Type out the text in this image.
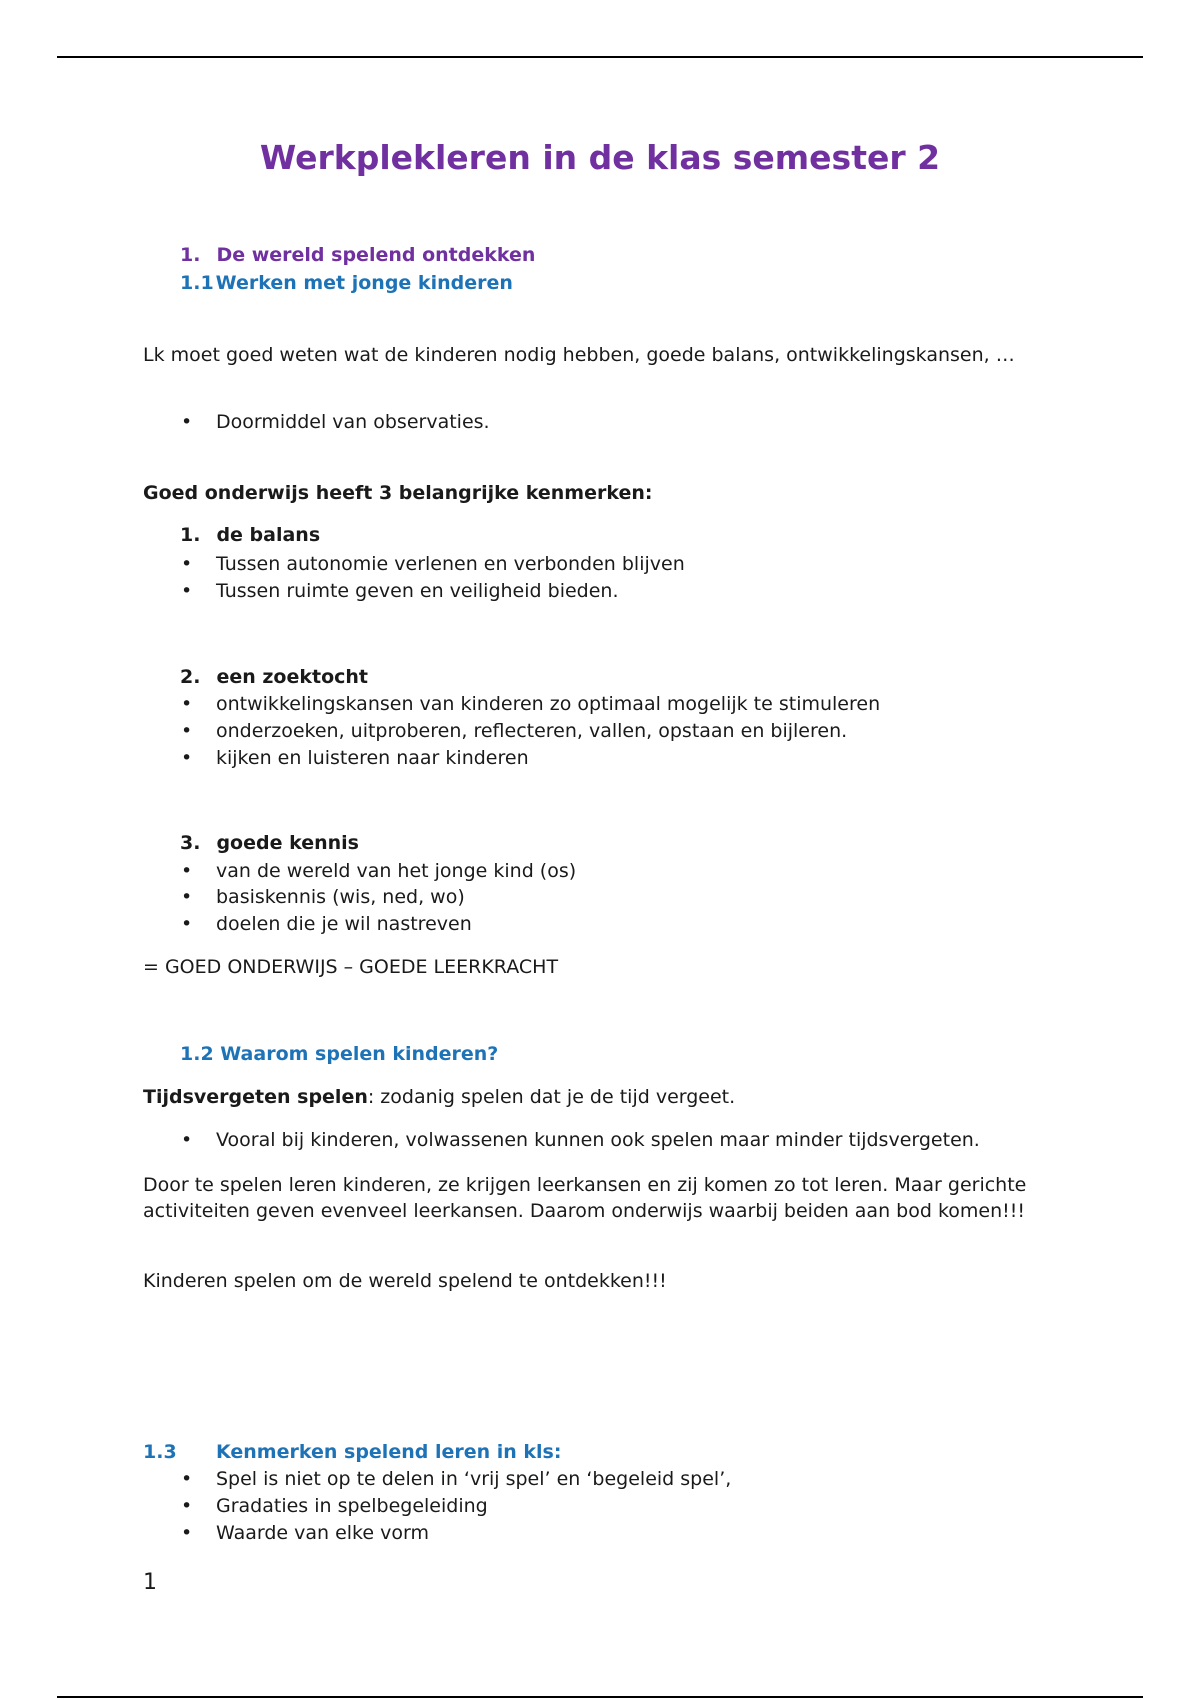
Werkplekleren in de klas semester 2
1. De wereld spelend ontdekken
1.1 Werken met jonge kinderen
Lk moet goed weten wat de kinderen nodig hebben, goede balans, ontwikkelingskansen, …
• Doormiddel van observaties.
Goed onderwijs heeft 3 belangrijke kenmerken:
1. de balans
• Tussen autonomie verlenen en verbonden blijven
• Tussen ruimte geven en veiligheid bieden.
2. een zoektocht
• ontwikkelingskansen van kinderen zo optimaal mogelijk te stimuleren
• onderzoeken, uitproberen, reflecteren, vallen, opstaan en bijleren.
• kijken en luisteren naar kinderen
3. goede kennis
• van de wereld van het jonge kind (os)
• basiskennis (wis, ned, wo)
• doelen die je wil nastreven
= GOED ONDERWIJS – GOEDE LEERKRACHT
1.2 Waarom spelen kinderen?
Tijdsvergeten spelen: zodanig spelen dat je de tijd vergeet.
• Vooral bij kinderen, volwassenen kunnen ook spelen maar minder tijdsvergeten.
Door te spelen leren kinderen, ze krijgen leerkansen en zij komen zo tot leren. Maar gerichte activiteiten geven evenveel leerkansen. Daarom onderwijs waarbij beiden aan bod komen!!!
Kinderen spelen om de wereld spelend te ontdekken!!!
1.3 Kenmerken spelend leren in kls:
• Spel is niet op te delen in ‘vrij spel’ en ‘begeleid spel’,
• Gradaties in spelbegeleiding
• Waarde van elke vorm
1
